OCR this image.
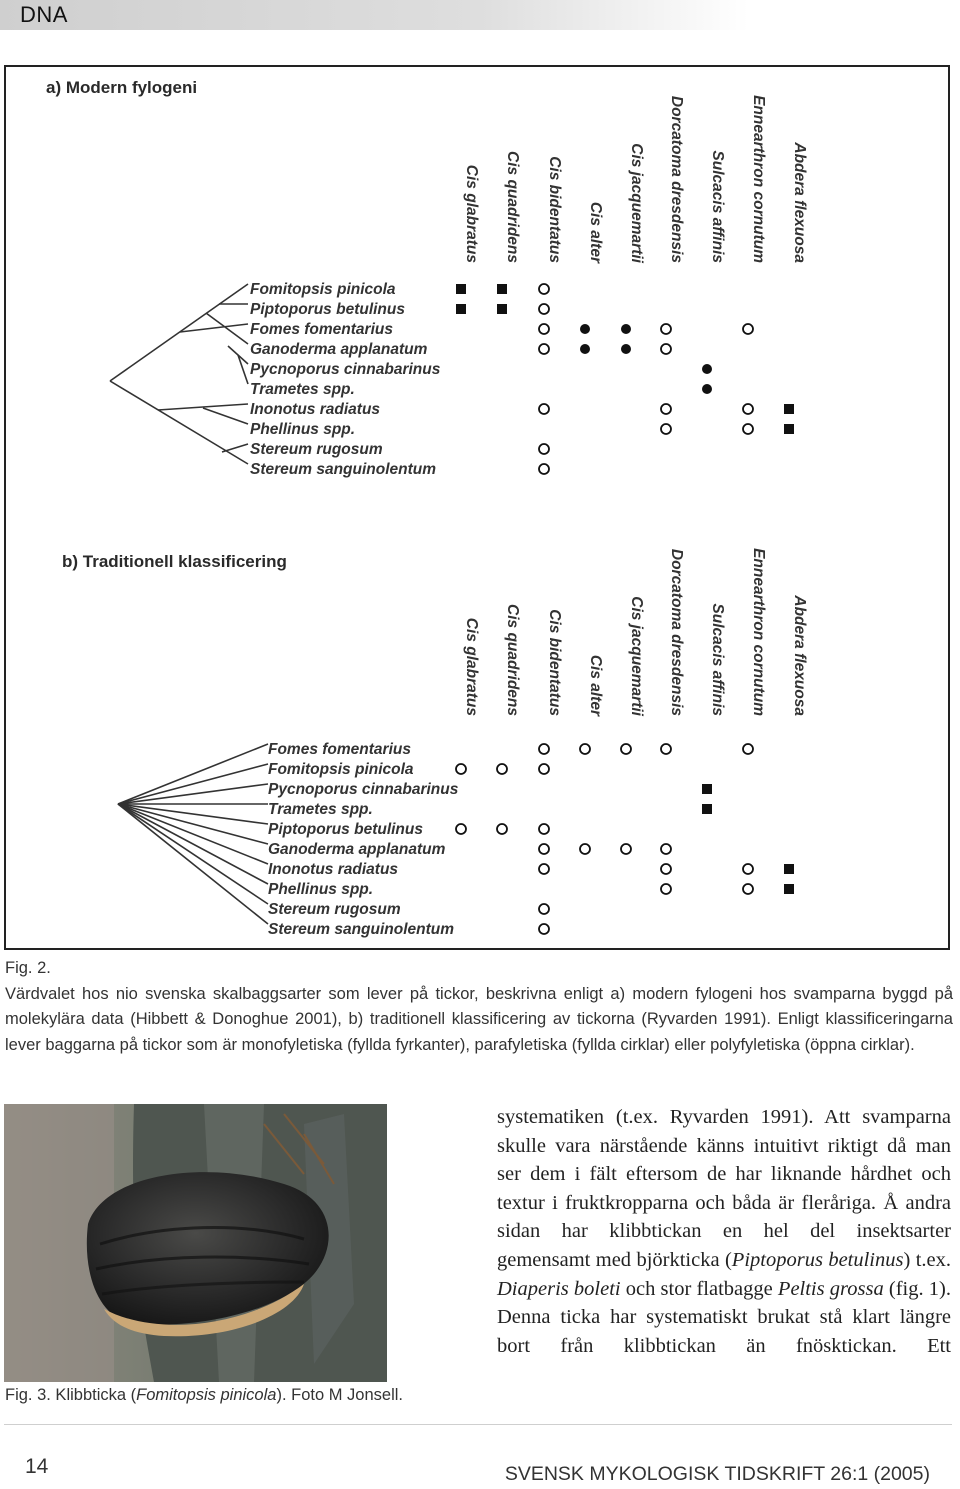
DNA
a) Modern fylogeni
Fomitopsis pinicola
Piptoporus betulinus
Fomes fomentarius
Ganoderma applanatum
Pycnoporus cinnabarinus
Trametes spp.
Inonotus radiatus
Phellinus spp.
Stereum rugosum
Stereum sanguinolentum
Cis glabratus Cis quadridens Cis bidentatus Cis alter Cis jacquemartii Dorcatoma dresdensis Sulcacis affinis Ennearthron cornutum Abdera flexuosa
b) Traditionell klassificering
Fomes fomentarius
Fomitopsis pinicola
Pycnoporus cinnabarinus
Trametes spp.
Piptoporus betulinus
Ganoderma applanatum
Inonotus radiatus
Phellinus spp.
Stereum rugosum
Stereum sanguinolentum
Cis glabratus Cis quadridens Cis bidentatus Cis alter Cis jacquemartii Dorcatoma dresdensis Sulcacis affinis Ennearthron cornutum Abdera flexuosa
Fig. 2.
Värdvalet hos nio svenska skalbaggsarter som lever på tickor, beskrivna enligt a) modern fylogeni hos svamparna byggd på molekylära data (Hibbett & Donoghue 2001), b) traditionell klassificering av tickorna (Ryvarden 1991). Enligt klassificeringarna lever baggarna på tickor som är monofyletiska (fyllda fyrkanter), parafyletiska (fyllda cirklar) eller polyfyletiska (öppna cirklar).
Fig. 3. Klibbticka (Fomitopsis pinicola). Foto M Jonsell.
systematiken (t.ex. Ryvarden 1991). Att svamparna skulle vara närstående känns intuitivt riktigt då man ser dem i fält eftersom de har liknande hårdhet och textur i fruktkropparna och båda är fleråriga. Å andra sidan har klibbtickan en hel del insektsarter gemensamt med björkticka (Piptoporus betulinus) t.ex. Diaperis boleti och stor flatbagge Peltis grossa (fig. 1). Denna ticka har systematiskt brukat stå klart längre bort från klibbtickan än fnösktickan. Ett
14	SVENSK MYKOLOGISK TIDSKRIFT 26:1 (2005)
